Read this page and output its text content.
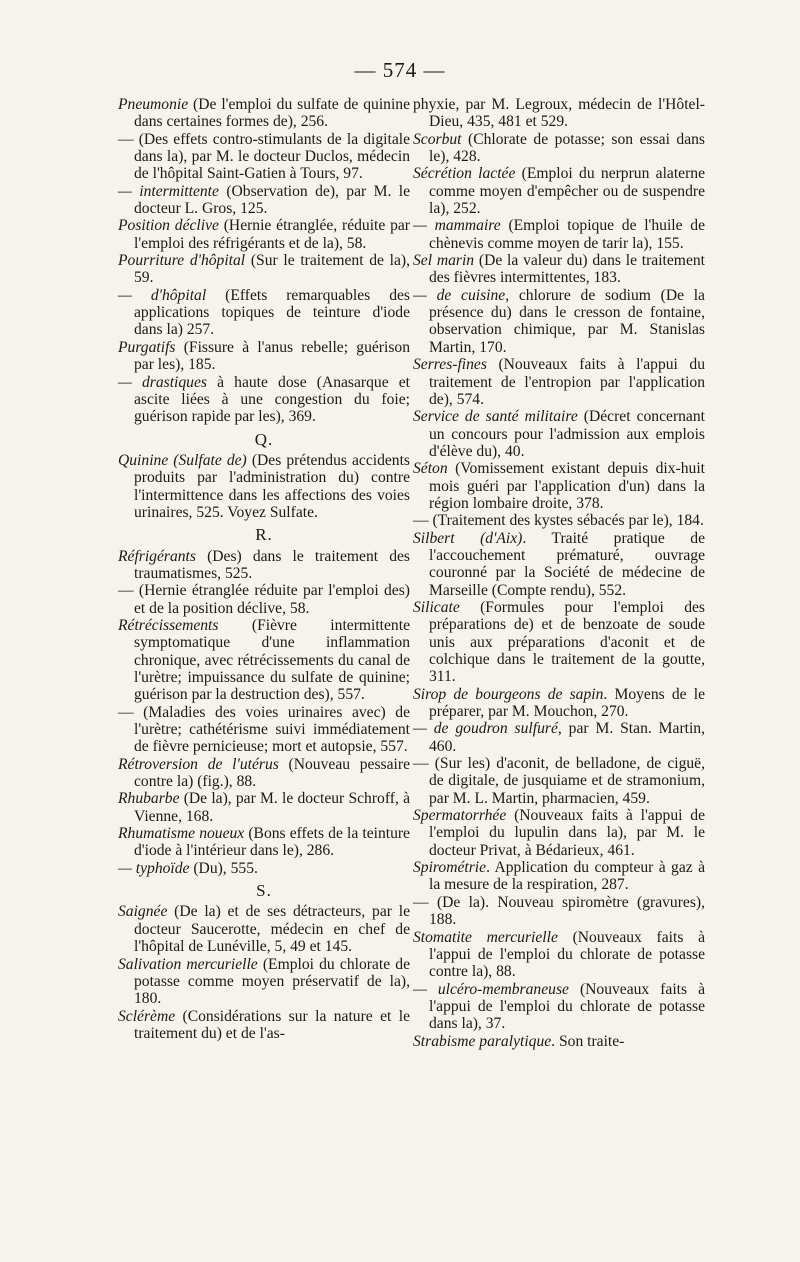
— 574 —

Pneumonie (De l'emploi du sulfate de quinine dans certaines formes de), 256.

— (Des effets contro-stimulants de la digitale dans la), par M. le docteur Duclos, médecin de l'hôpital Saint-Gatien à Tours, 97.

— intermittente (Observation de), par M. le docteur L. Gros, 125.

Position déclive (Hernie étranglée, réduite par l'emploi des réfrigérants et de la), 58.

Pourriture d'hôpital (Sur le traitement de la), 59.

— d'hôpital (Effets remarquables des applications topiques de teinture d'iode dans la) 257.

Purgatifs (Fissure à l'anus rebelle; guérison par les), 185.

— drastiques à haute dose (Anasarque et ascite liées à une congestion du foie; guérison rapide par les), 369.

Q.

Quinine (Sulfate de) (Des prétendus accidents produits par l'administration du) contre l'intermittence dans les affections des voies urinaires, 525. Voyez Sulfate.

R.

Réfrigérants (Des) dans le traitement des traumatismes, 525.

— (Hernie étranglée réduite par l'emploi des) et de la position déclive, 58.

Rétrécissements (Fièvre intermittente symptomatique d'une inflammation chronique, avec rétrécissements du canal de l'urètre; impuissance du sulfate de quinine; guérison par la destruction des), 557.

— (Maladies des voies urinaires avec) de l'urètre; cathétérisme suivi immédiatement de fièvre pernicieuse; mort et autopsie, 557.

Rétroversion de l'utérus (Nouveau pessaire contre la) (fig.), 88.

Rhubarbe (De la), par M. le docteur Schroff, à Vienne, 168.

Rhumatisme noueux (Bons effets de la teinture d'iode à l'intérieur dans le), 286.

— typhoïde (Du), 555.

S.

Saignée (De la) et de ses détracteurs, par le docteur Saucerotte, médecin en chef de l'hôpital de Lunéville, 5, 49 et 145.

Salivation mercurielle (Emploi du chlorate de potasse comme moyen préservatif de la), 180.

Sclérème (Considérations sur la nature et le traitement du) et de l'as-

phyxie, par M. Legroux, médecin de l'Hôtel-Dieu, 435, 481 et 529.

Scorbut (Chlorate de potasse; son essai dans le), 428.

Sécrétion lactée (Emploi du nerprun alaterne comme moyen d'empêcher ou de suspendre la), 252.

— mammaire (Emploi topique de l'huile de chènevis comme moyen de tarir la), 155.

Sel marin (De la valeur du) dans le traitement des fièvres intermittentes, 183.

— de cuisine, chlorure de sodium (De la présence du) dans le cresson de fontaine, observation chimique, par M. Stanislas Martin, 170.

Serres-fines (Nouveaux faits à l'appui du traitement de l'entropion par l'application de), 574.

Service de santé militaire (Décret concernant un concours pour l'admission aux emplois d'élève du), 40.

Séton (Vomissement existant depuis dix-huit mois guéri par l'application d'un) dans la région lombaire droite, 378.

— (Traitement des kystes sébacés par le), 184.

Silbert (d'Aix). Traité pratique de l'accouchement prématuré, ouvrage couronné par la Société de médecine de Marseille (Compte rendu), 552.

Silicate (Formules pour l'emploi des préparations de) et de benzoate de soude unis aux préparations d'aconit et de colchique dans le traitement de la goutte, 311.

Sirop de bourgeons de sapin. Moyens de le préparer, par M. Mouchon, 270.

— de goudron sulfuré, par M. Stan. Martin, 460.

— (Sur les) d'aconit, de belladone, de ciguë, de digitale, de jusquiame et de stramonium, par M. L. Martin, pharmacien, 459.

Spermatorrhée (Nouveaux faits à l'appui de l'emploi du lupulin dans la), par M. le docteur Privat, à Bédarieux, 461.

Spirométrie. Application du compteur à gaz à la mesure de la respiration, 287.

— (De la). Nouveau spiromètre (gravures), 188.

Stomatite mercurielle (Nouveaux faits à l'appui de l'emploi du chlorate de potasse contre la), 88.

— ulcéro-membraneuse (Nouveaux faits à l'appui de l'emploi du chlorate de potasse dans la), 37.

Strabisme paralytique. Son traite-
